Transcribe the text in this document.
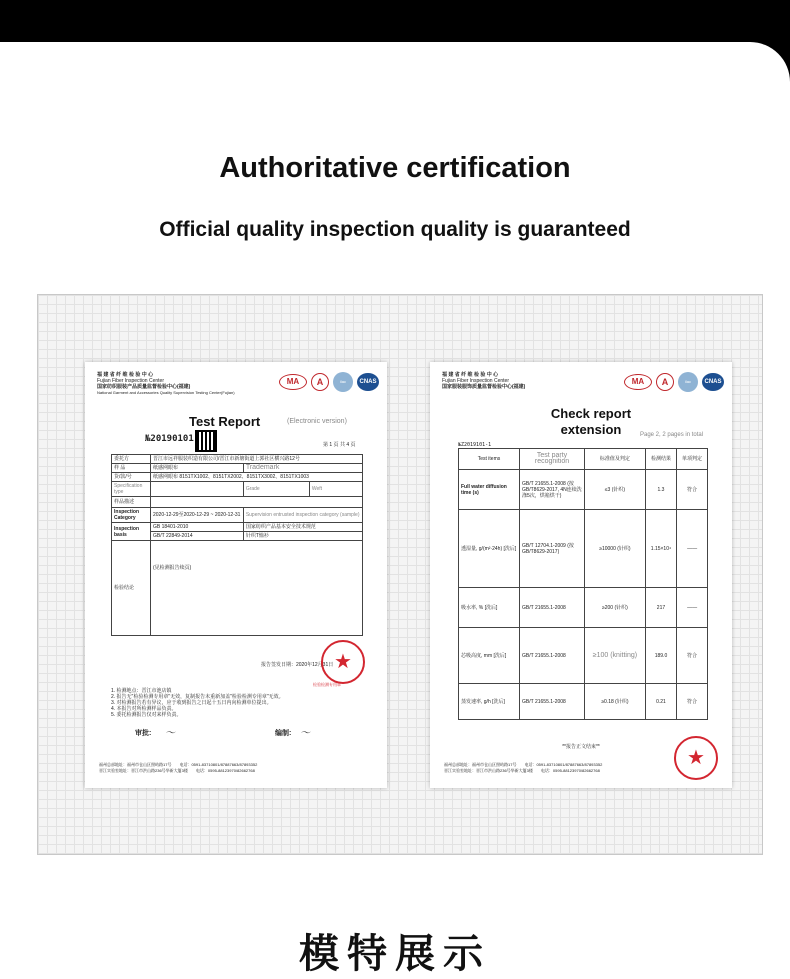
Authoritative certification
Official quality inspection quality is guaranteed
福 建 省 纤 维 检 验 中 心
Fujian Fiber Inspection Center
国家纺织服装产品质量监督检验中心(福建)
National Garment and Accessories Quality Supervision Testing Center(Fujian)
MA	A	ilac	CNAS
Test Report	(Electronic version)
№20190101
第 1 页 共 4 页
委托方	晋江市远祥服装织造有限公司/晋江市新塘街道上郭社区横兴路12号		
样 品	纸感网眼布	Trademark	
货/款/号	纸感网眼布 8151TX1002、8151TX2002、8151TX3002、8151TX1003		
Specification type		Grade	Weft
样品描述			
Inspection Category	2020-12-29至2020-12-29 ~ 2020-12-31	Supervision entrusted inspection category (sample)	
Inspection basis	GB 18401-2010	国家纺织产品基本安全技术规范	
	GB/T 22849-2014	针织T恤衫	
检验结论	(见检测报告续页)		
报告签发日期：2020年12月31日 ★
检验检测专用章
1. 检测地点：晋江市池店镇
2. 报告无"检验检测专用章"无效，复制报告未重新加盖"检验检测专用章"无效。
3. 对检测报告若有异议，应于收到报告之日起十五日内向检测单位提出。
4. 本报告对所检测样品负责。
5. 委托检测报告仅对来样负责。
审批: ～	编制: ～
福州总部地址：福州市仓山区照屿路17号　　电话：0591-83710801/87887663/87893352
晋江实验室地址：晋江市洪山路236号华新大厦3楼　　电话：0595-88123970/82662768
福 建 省 纤 维 检 验 中 心
Fujian Fiber Inspection Center
国家服装服饰质量监督检验中心(福建)
MA	A	ilac	CNAS
Check report extension	Page 2, 2 pages in total
№Z2019101-1
Test items	Test party recognition	标准值及判定	检测结果	单项判定
Full water diffusion time (s)	GB/T 21655.1-2008 (按GB/T8629-2017, 4N连续洗涤5次，烘箱烘干)	≤3 (针织)	1.3	符合
透湿量, g/(m²·24h) [洗后]	GB/T 12704.1-2009 (按GB/T8629-2017)	≥10000 (针织)	1.15×10⁴	——
吸水率, % [洗后]	GB/T 21655.1-2008	≥200 (针织)	217	——
芯吸高度, mm [洗后]	GB/T 21655.1-2008	≥100 (knitting)	189.0	符合
蒸发速率, g/h [洗后]	GB/T 21655.1-2008	≥0.18 (针织)	0.21	符合
**报告正文结束**	★
福州总部地址：福州市仓山区照屿路17号　　电话：0591-83710801/87887663/87893352
晋江实验室地址：晋江市洪山路236号华新大厦3楼　　电话：0595-88123970/82662768
模特展示
